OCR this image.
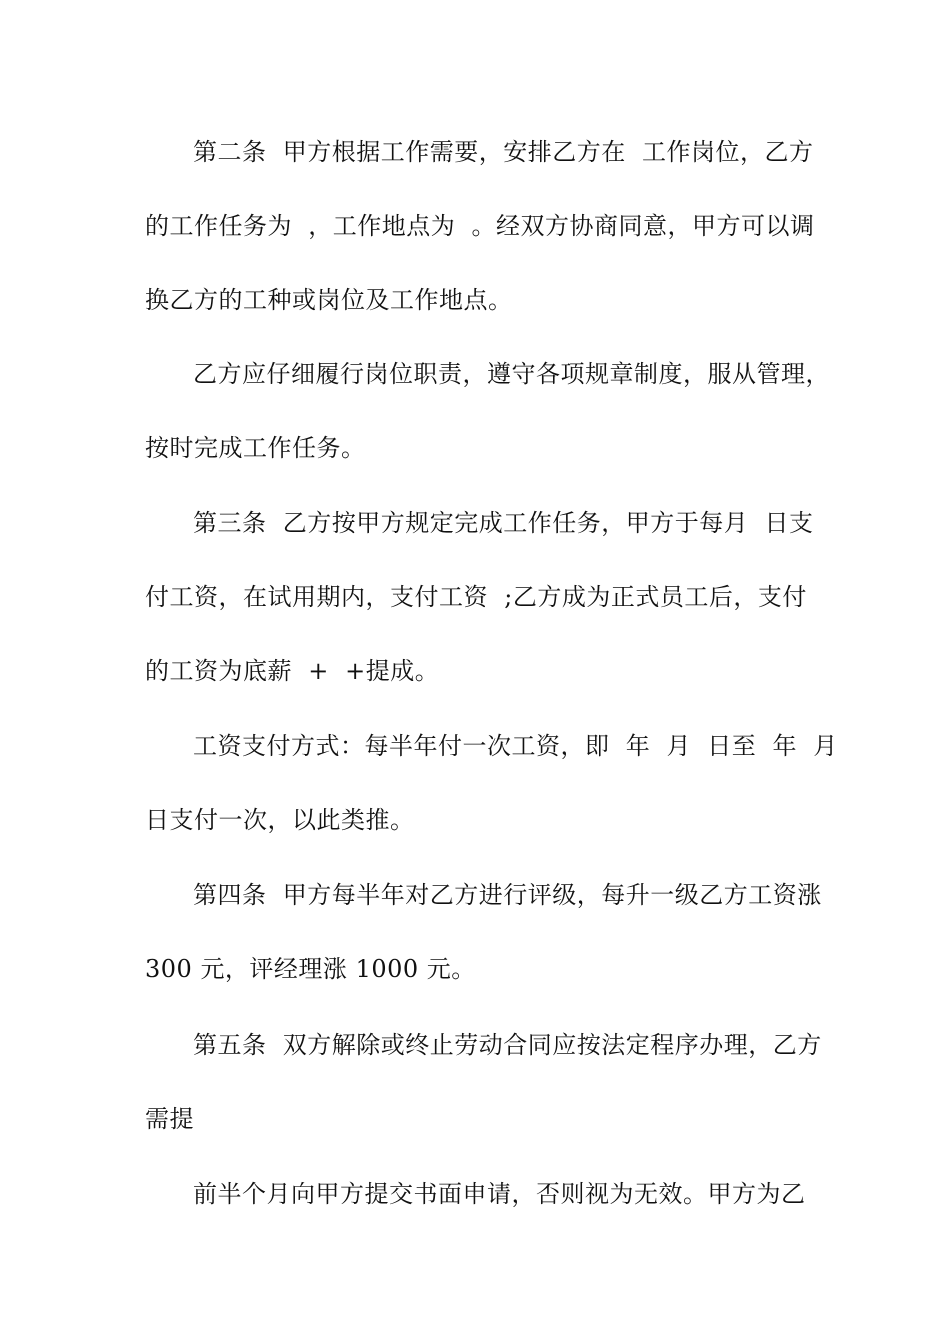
第二条  甲方根据工作需要，安排乙方在  工作岗位，乙方
的工作任务为  ，工作地点为  。经双方协商同意，甲方可以调
换乙方的工种或岗位及工作地点。
乙方应仔细履行岗位职责，遵守各项规章制度，服从管理，
按时完成工作任务。
第三条  乙方按甲方规定完成工作任务，甲方于每月  日支
付工资，在试用期内，支付工资  ;乙方成为正式员工后，支付
的工资为底薪  +  +提成。
工资支付方式：每半年付一次工资，即  年  月  日至  年  月
日支付一次，以此类推。
第四条  甲方每半年对乙方进行评级，每升一级乙方工资涨
300 元，评经理涨 1000 元。
第五条  双方解除或终止劳动合同应按法定程序办理，乙方
需提
前半个月向甲方提交书面申请，否则视为无效。甲方为乙
